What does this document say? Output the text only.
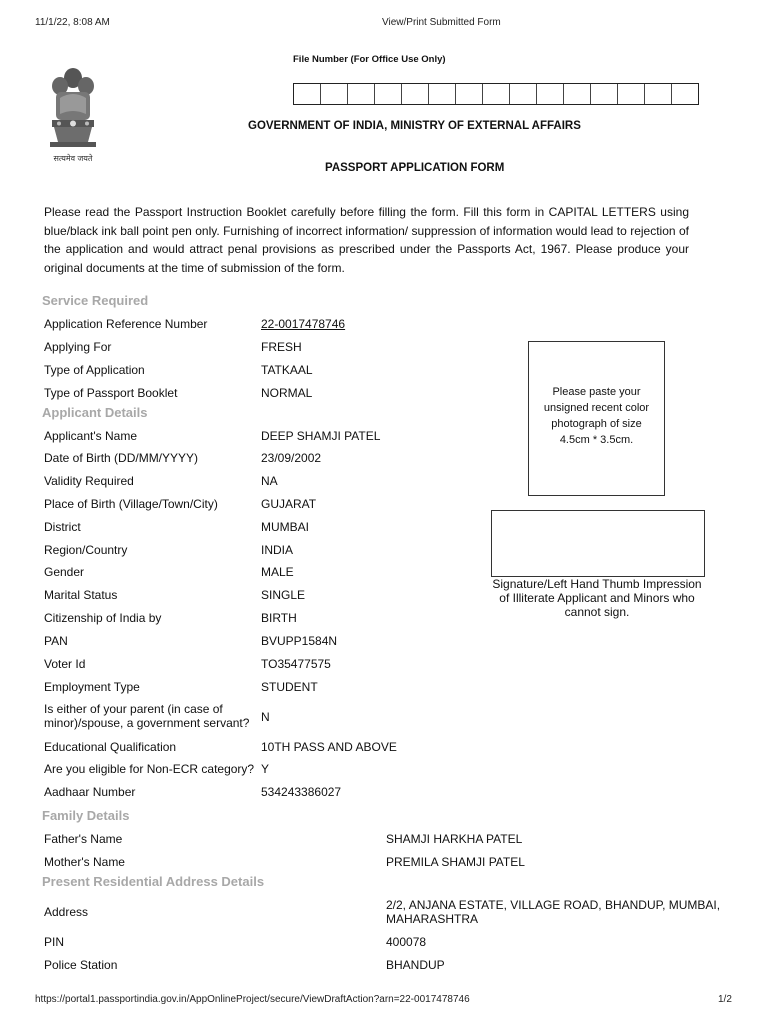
11/1/22, 8:08 AM	View/Print Submitted Form
सत्यमेव जयते
File Number (For Office Use Only)
GOVERNMENT OF INDIA, MINISTRY OF EXTERNAL AFFAIRS
PASSPORT APPLICATION FORM
Please read the Passport Instruction Booklet carefully before filling the form. Fill this form in CAPITAL LETTERS using blue/black ink ball point pen only. Furnishing of incorrect information/ suppression of information would lead to rejection of the application and would attract penal provisions as prescribed under the Passports Act, 1967. Please produce your original documents at the time of submission of the form.
Service Required
Application Reference Number	22-0017478746
Applying For	FRESH
Type of Application	TATKAAL
Type of Passport Booklet	NORMAL	Please paste your
unsigned recent color
photograph of size
4.5cm * 3.5cm.
Applicant Details
Applicant's Name	DEEP SHAMJI PATEL
Date of Birth (DD/MM/YYYY)	23/09/2002
Validity Required	NA
Place of Birth (Village/Town/City)	GUJARAT
District	MUMBAI
Region/Country	INDIA
Gender	MALE
Marital Status	SINGLE
Citizenship of India by	BIRTH
PAN	BVUPP1584N
Voter Id	TO35477575
Employment Type	STUDENT
Is either of your parent (in case of
minor)/spouse, a government servant? N
Educational Qualification	10TH PASS AND ABOVE
Are you eligible for Non-ECR category? Y
Aadhaar Number	534243386027
Signature/Left Hand Thumb Impression
of Illiterate Applicant and Minors who
cannot sign.
Family Details
Father's Name	SHAMJI HARKHA PATEL
Mother's Name	PREMILA SHAMJI PATEL
Present Residential Address Details
Address	2/2, ANJANA ESTATE, VILLAGE ROAD, BHANDUP, MUMBAI,
MAHARASHTRA
PIN	400078
Police Station	BHANDUP
https://portal1.passportindia.gov.in/AppOnlineProject/secure/ViewDraftAction?arn=22-0017478746	1/2
